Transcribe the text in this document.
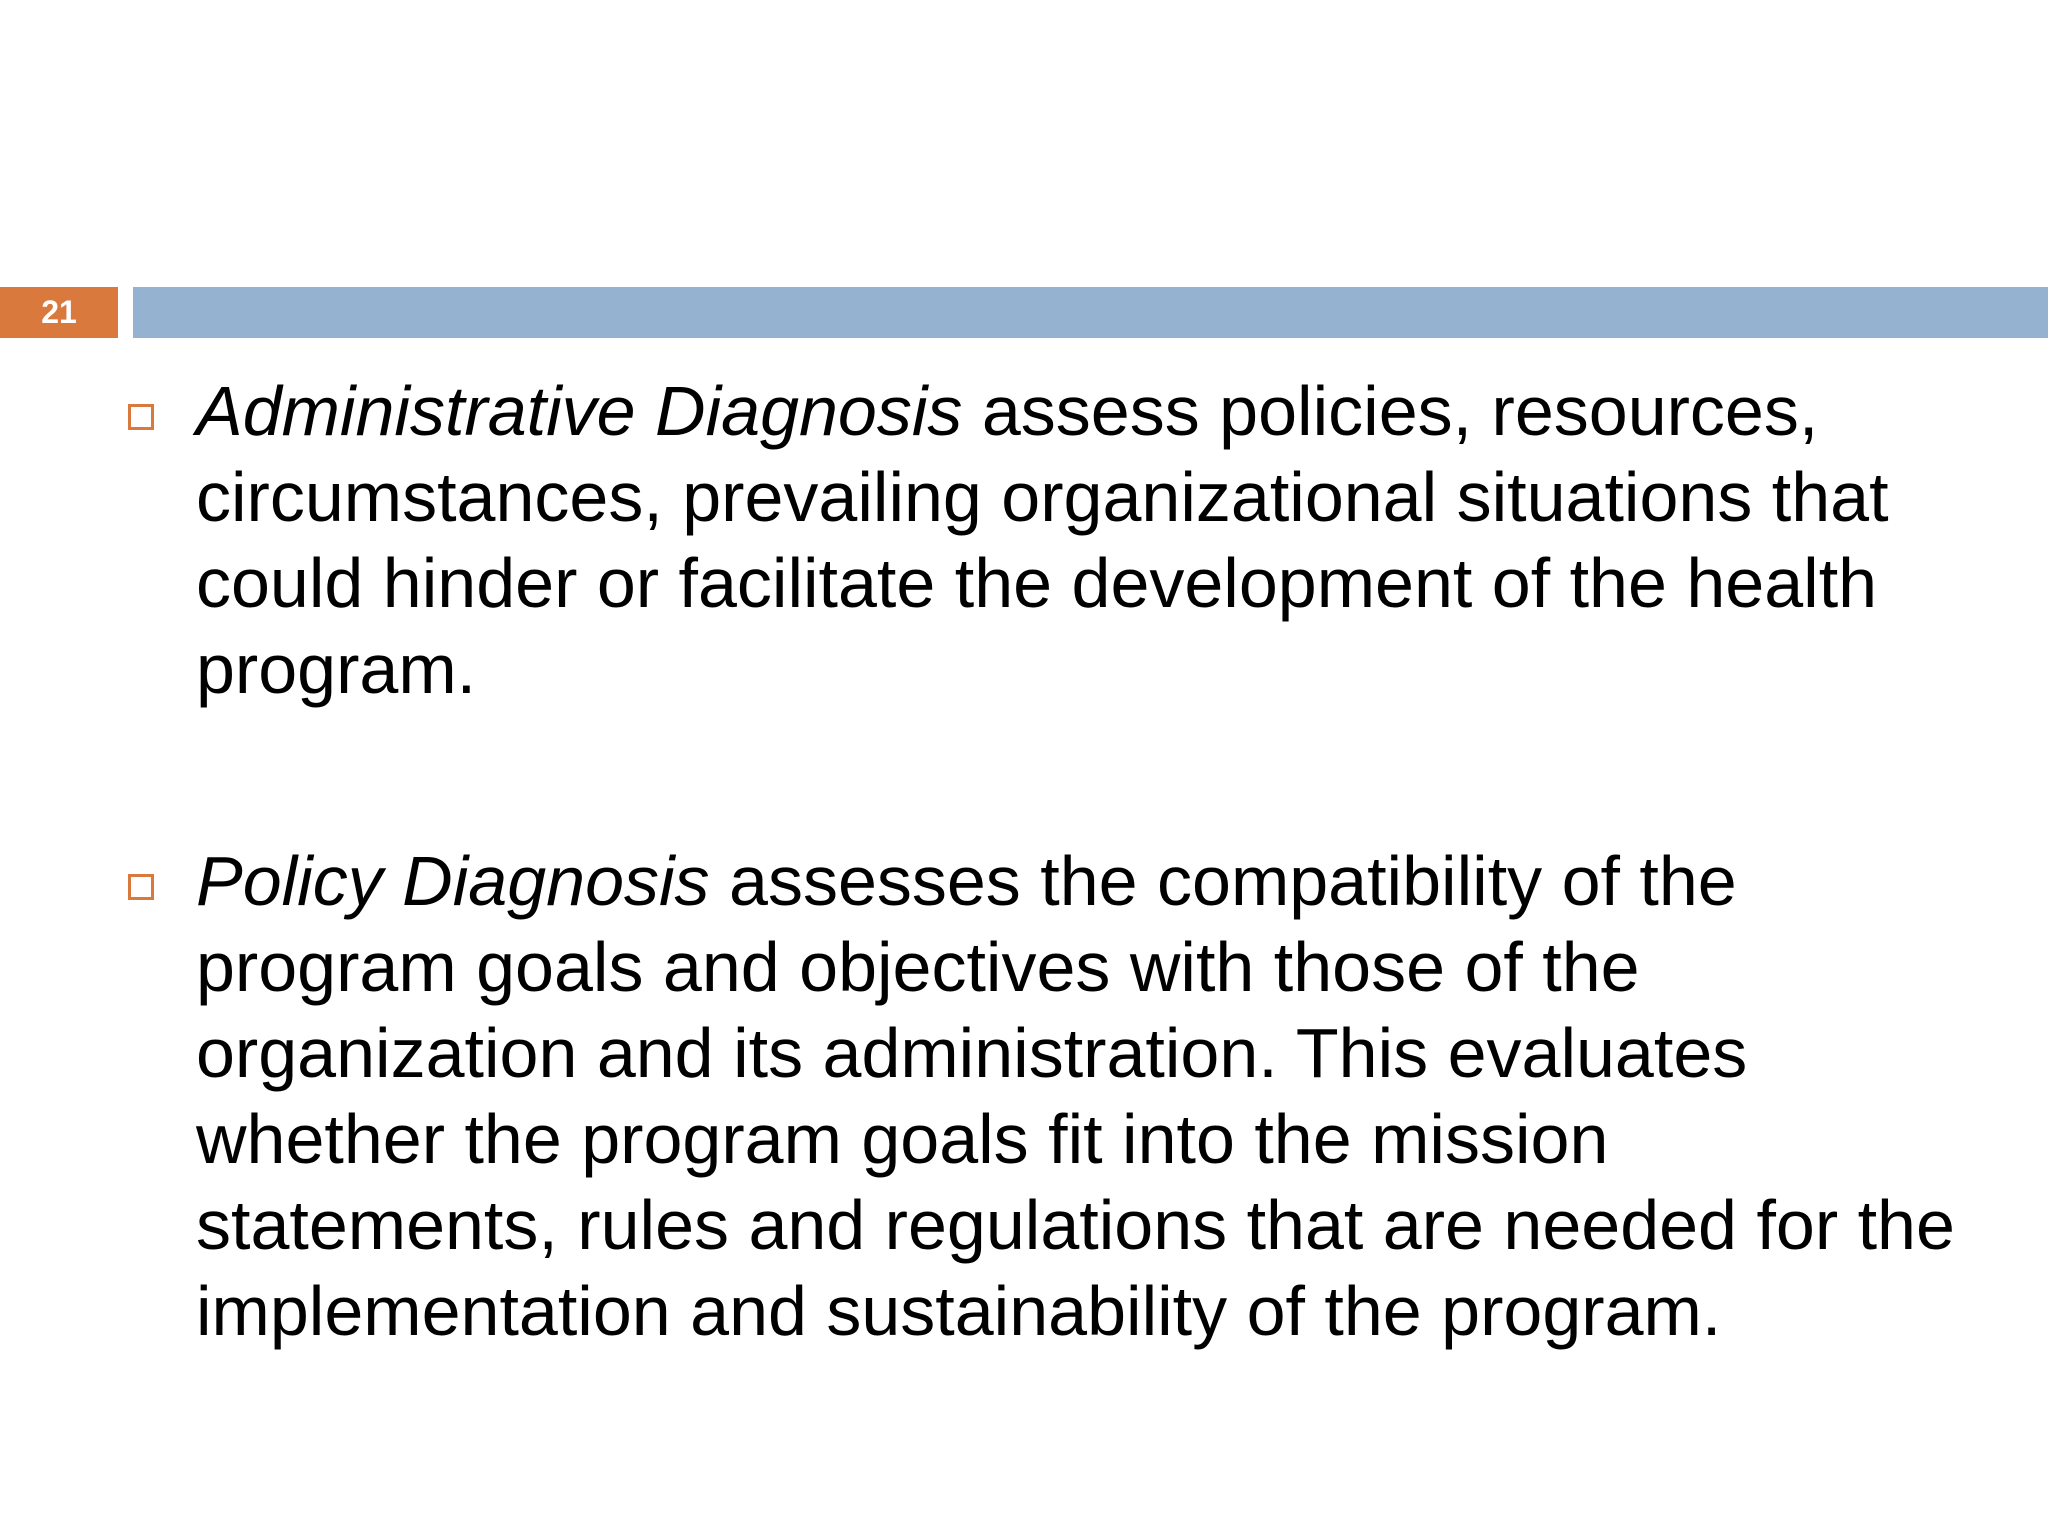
21
Administrative Diagnosis assess policies, resources, circumstances, prevailing organizational situations that could hinder or facilitate the development of the health program.
Policy Diagnosis assesses the compatibility of the program goals and objectives with those of the organization and its administration. This evaluates whether the program goals fit into the mission statements, rules and regulations that are needed for the implementation and sustainability of the program.
